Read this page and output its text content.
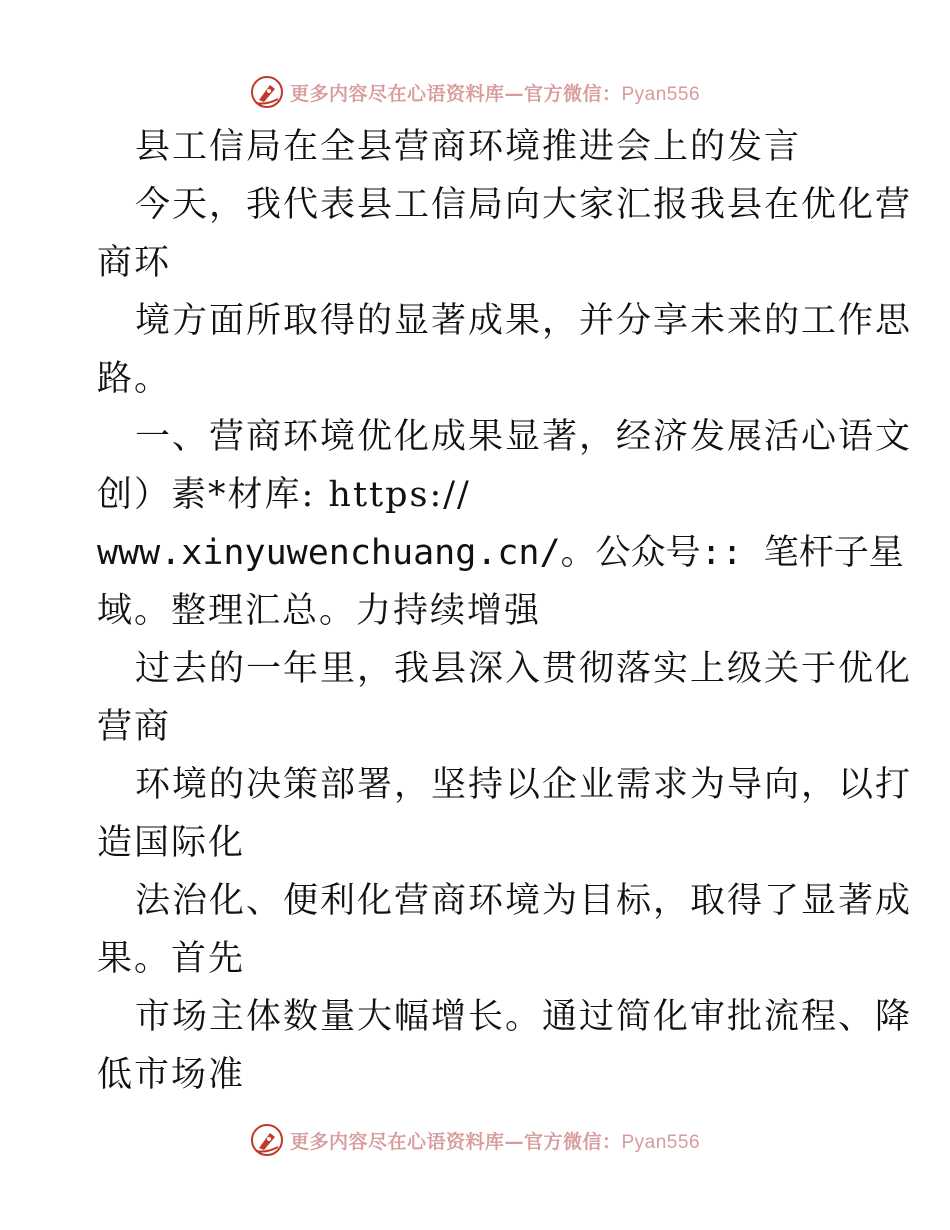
更多内容尽在心语资料库—官方微信：Pyan556
县工信局在全县营商环境推进会上的发言
今天，我代表县工信局向大家汇报我县在优化营
商环
境方面所取得的显著成果，并分享未来的工作思
路。
一、营商环境优化成果显著，经济发展活心语文
创）素*材库: https://
www.xinyuwenchuang.cn/。公众号:: 笔杆子星
域。整理汇总。力持续增强
过去的一年里，我县深入贯彻落实上级关于优化
营商
环境的决策部署，坚持以企业需求为导向，以打
造国际化
法治化、便利化营商环境为目标，取得了显著成
果。首先
市场主体数量大幅增长。通过简化审批流程、降
低市场准
更多内容尽在心语资料库—官方微信：Pyan556
